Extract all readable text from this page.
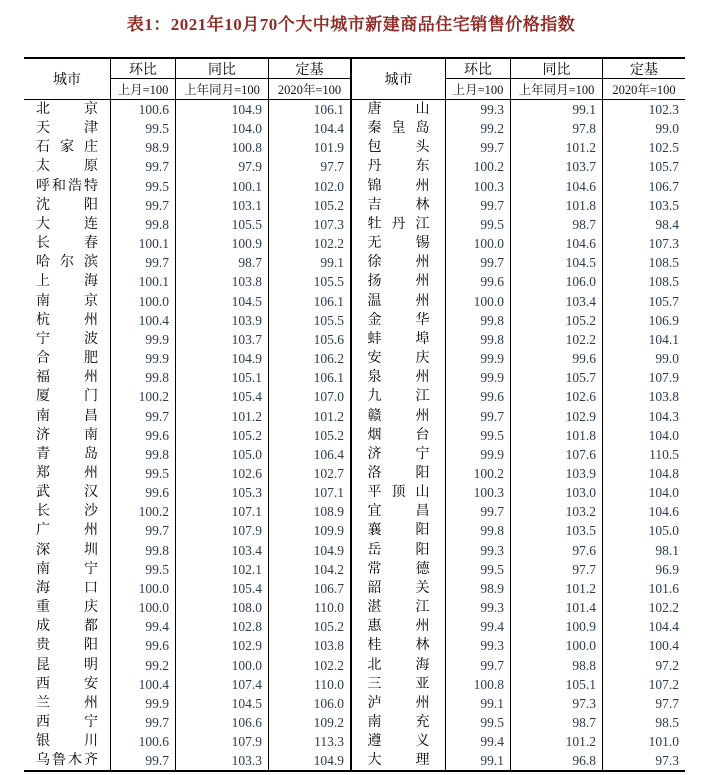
表1：2021年10月70个大中城市新建商品住宅销售价格指数
城市
环比	同比	定基
上月=100	上年同月=100	2020年=100
北京	100.6	104.9	106.1
天津	99.5	104.0	104.4
石家庄	98.9	100.8	101.9
太原	99.7	97.9	97.7
呼和浩特	99.5	100.1	102.0
沈阳	99.7	103.1	105.2
大连	99.8	105.5	107.3
长春	100.1	100.9	102.2
哈尔滨	99.7	98.7	99.1
上海	100.1	103.8	105.5
南京	100.0	104.5	106.1
杭州	100.4	103.9	105.5
宁波	99.9	103.7	105.6
合肥	99.9	104.9	106.2
福州	99.8	105.1	106.1
厦门	100.2	105.4	107.0
南昌	99.7	101.2	101.2
济南	99.6	105.2	105.2
青岛	99.8	105.0	106.4
郑州	99.5	102.6	102.7
武汉	99.6	105.3	107.1
长沙	100.2	107.1	108.9
广州	99.7	107.9	109.9
深圳	99.8	103.4	104.9
南宁	99.5	102.1	104.2
海口	100.0	105.4	106.7
重庆	100.0	108.0	110.0
成都	99.4	102.8	105.2
贵阳	99.6	102.9	103.8
昆明	99.2	100.0	102.2
西安	100.4	107.4	110.0
兰州	99.9	104.5	106.0
西宁	99.7	106.6	109.2
银川	100.6	107.9	113.3
乌鲁木齐	99.7	103.3	104.9
城市
环比	同比	定基
上月=100	上年同月=100	2020年=100
唐山	99.3	99.1	102.3
秦皇岛	99.2	97.8	99.0
包头	99.7	101.2	102.5
丹东	100.2	103.7	105.7
锦州	100.3	104.6	106.7
吉林	99.7	101.8	103.5
牡丹江	99.5	98.7	98.4
无锡	100.0	104.6	107.3
徐州	99.7	104.5	108.5
扬州	99.6	106.0	108.5
温州	100.0	103.4	105.7
金华	99.8	105.2	106.9
蚌埠	99.8	102.2	104.1
安庆	99.9	99.6	99.0
泉州	99.9	105.7	107.9
九江	99.6	102.6	103.8
赣州	99.7	102.9	104.3
烟台	99.5	101.8	104.0
济宁	99.9	107.6	110.5
洛阳	100.2	103.9	104.8
平顶山	100.3	103.0	104.0
宜昌	99.7	103.2	104.6
襄阳	99.8	103.5	105.0
岳阳	99.3	97.6	98.1
常德	99.5	97.7	96.9
韶关	98.9	101.2	101.6
湛江	99.3	101.4	102.2
惠州	99.4	100.9	104.4
桂林	99.3	100.0	100.4
北海	99.7	98.8	97.2
三亚	100.8	105.1	107.2
泸州	99.1	97.3	97.7
南充	99.5	98.7	98.5
遵义	99.4	101.2	101.0
大理	99.1	96.8	97.3
